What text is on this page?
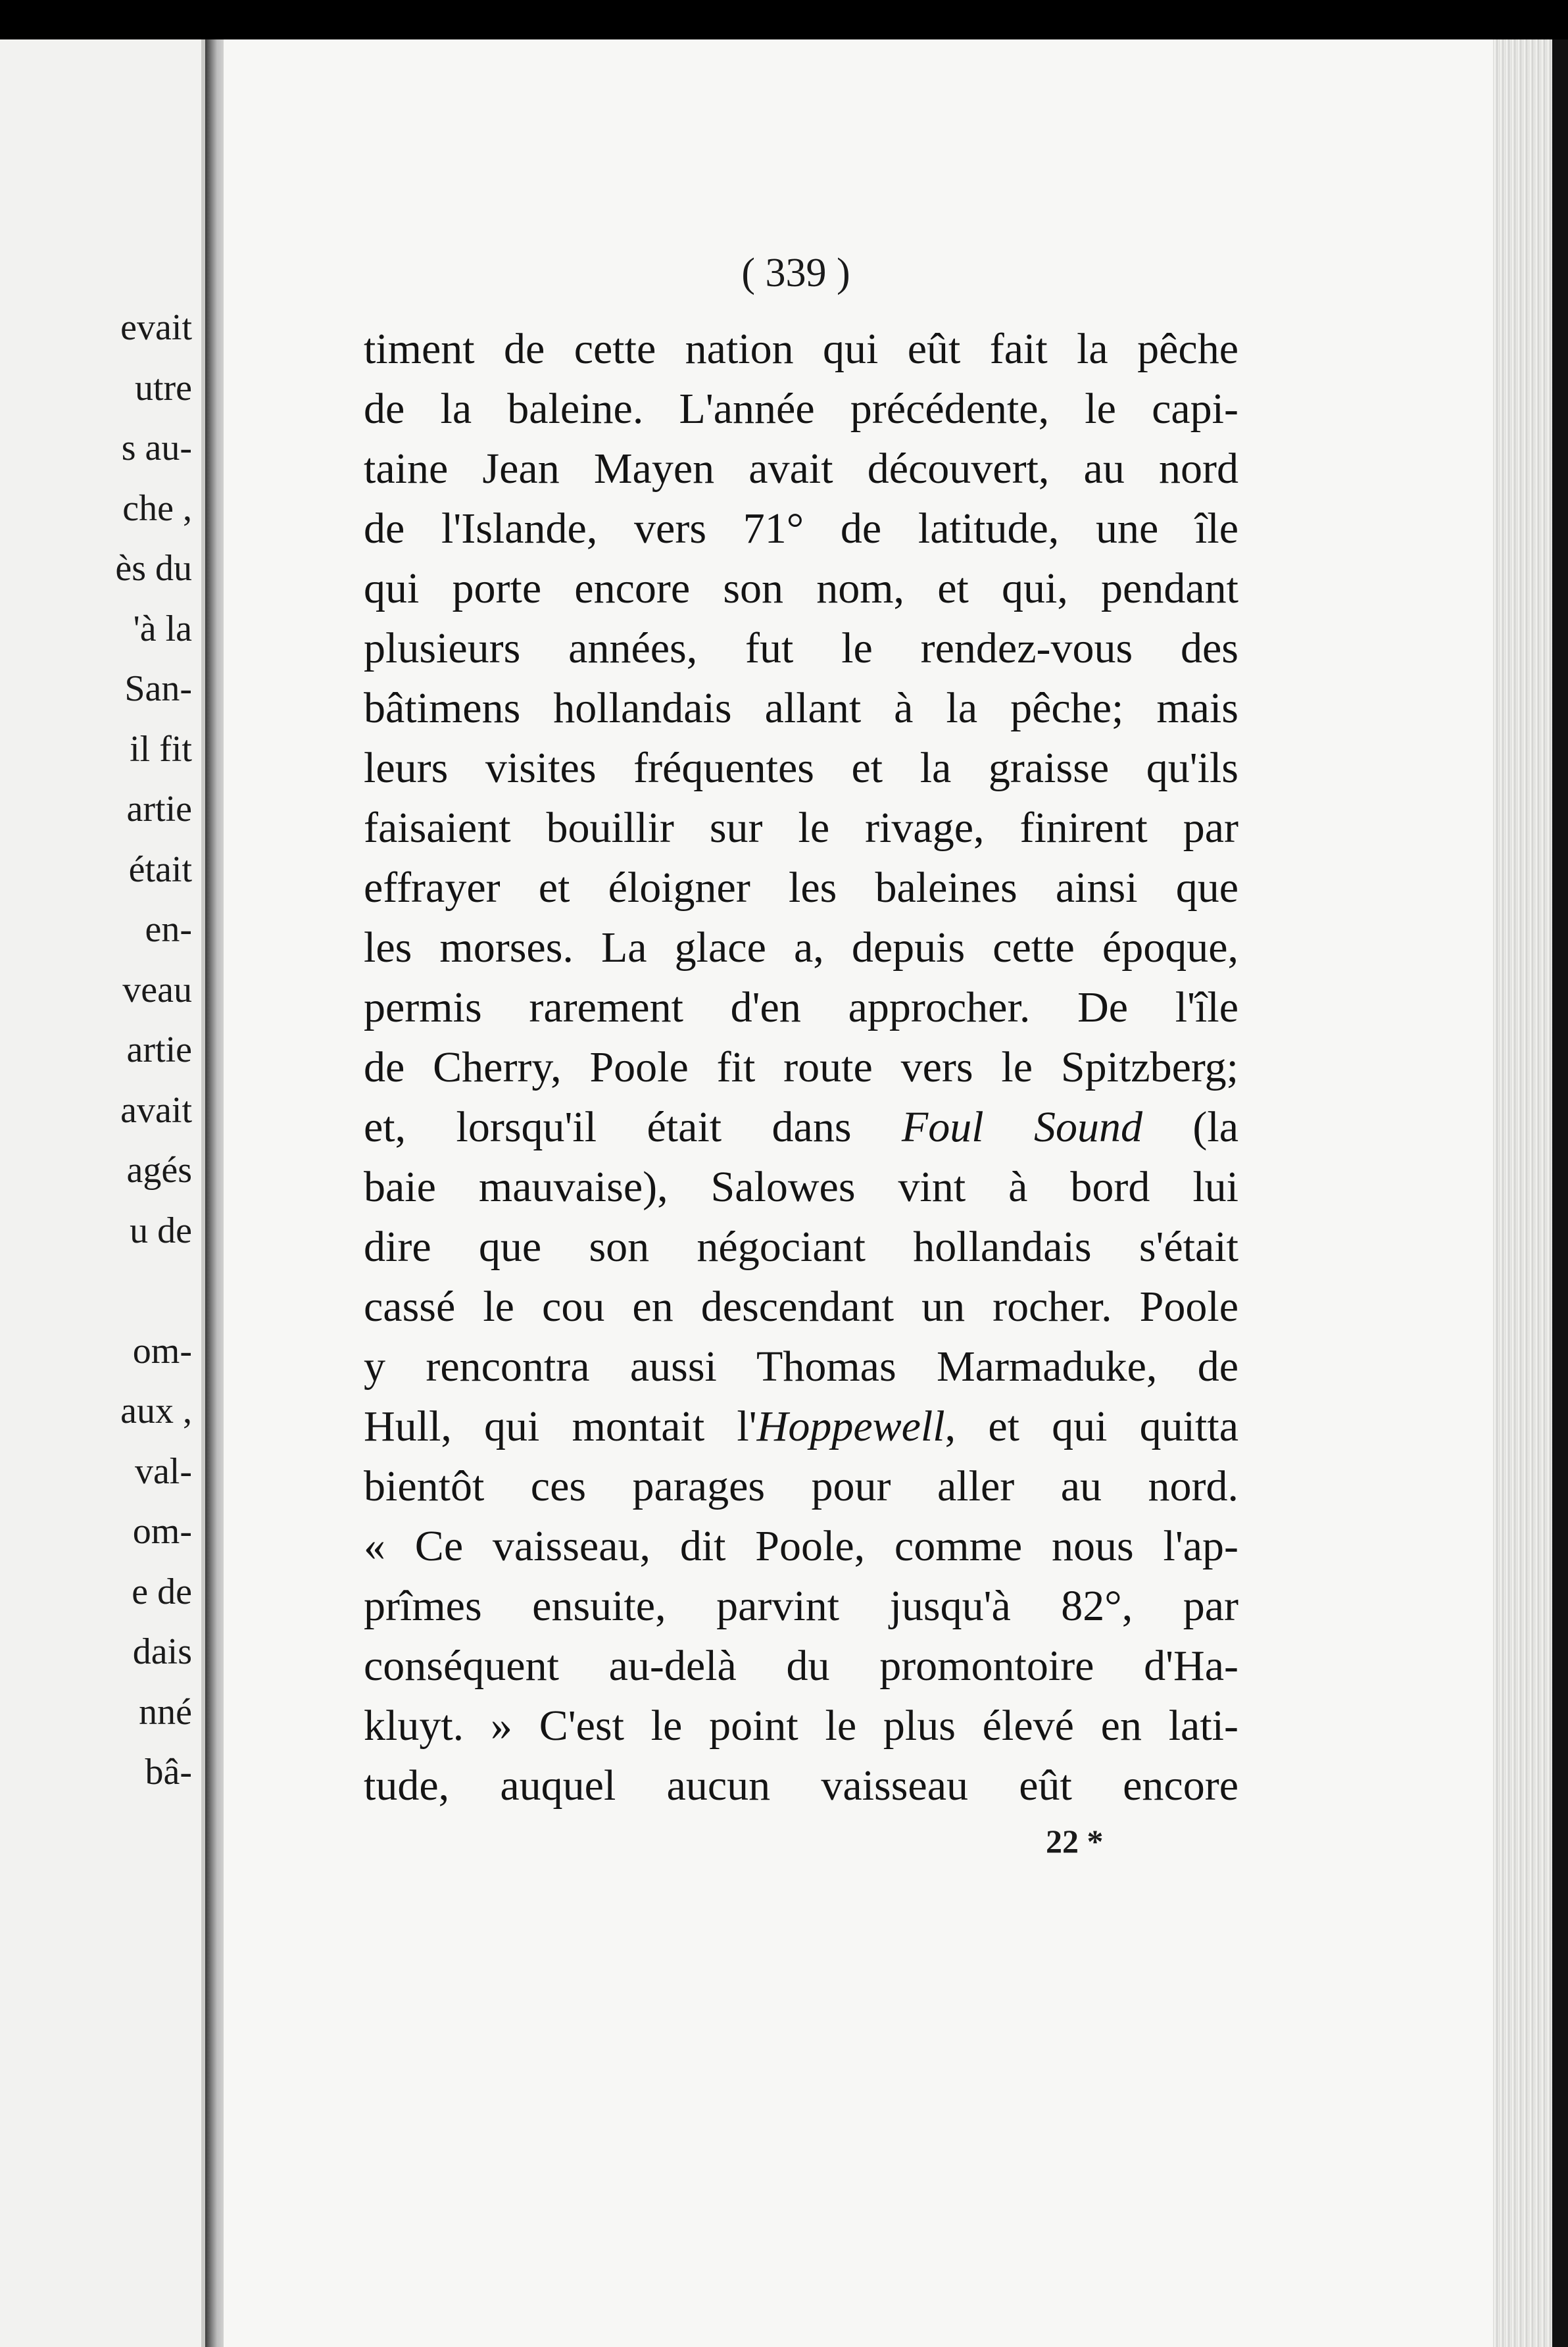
evait
utre
s au-
che ,
ès du
'à la
San-
il fit
artie
était
en-
veau
artie
avait
agés
u de
om-
aux ,
val-
om-
e de
dais
nné
bâ-
( 339 )
timent de cette nation qui eût fait la pêche
de la baleine. L'année précédente, le capi-
taine Jean Mayen avait découvert, au nord
de l'Islande, vers 71° de latitude, une île
qui porte encore son nom, et qui, pendant
plusieurs années, fut le rendez-vous des
bâtimens hollandais allant à la pêche; mais
leurs visites fréquentes et la graisse qu'ils
faisaient bouillir sur le rivage, finirent par
effrayer et éloigner les baleines ainsi que
les morses. La glace a, depuis cette époque,
permis rarement d'en approcher. De l'île
de Cherry, Poole fit route vers le Spitzberg;
et, lorsqu'il était dans Foul Sound (la
baie mauvaise), Salowes vint à bord lui
dire que son négociant hollandais s'était
cassé le cou en descendant un rocher. Poole
y rencontra aussi Thomas Marmaduke, de
Hull, qui montait l'Hoppewell, et qui quitta
bientôt ces parages pour aller au nord.
« Ce vaisseau, dit Poole, comme nous l'ap-
prîmes ensuite, parvint jusqu'à 82°, par
conséquent au-delà du promontoire d'Ha-
kluyt. » C'est le point le plus élevé en lati-
tude, auquel aucun vaisseau eût encore
22 *
